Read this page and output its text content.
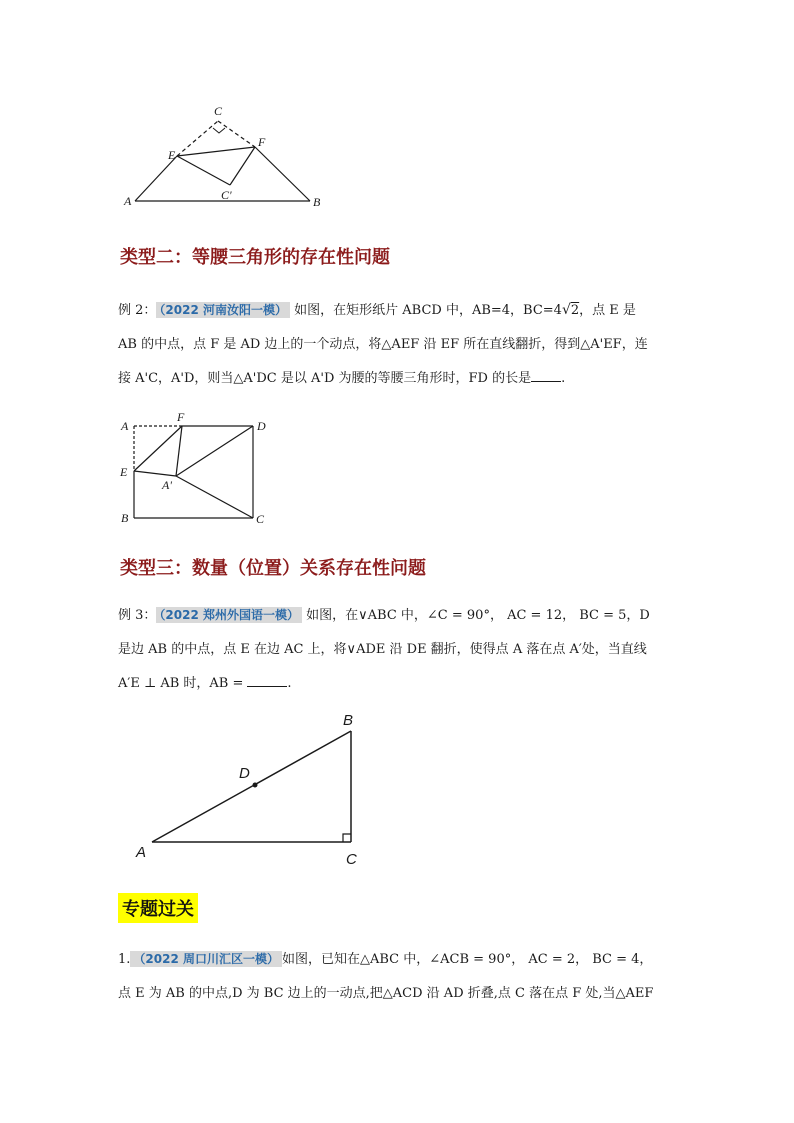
A	B
C
E
F
C'
类型二：等腰三角形的存在性问题
例 2： （2022 河南汝阳一模） 如图，在矩形纸片 ABCD 中，AB=4，BC=4√2，点 E 是
AB 的中点，点 F 是 AD 边上的一个动点，将△AEF 沿 EF 所在直线翻折，得到△A'EF，连
接 A'C，A'D，则当△A'DC 是以 A'D 为腰的等腰三角形时，FD 的长是 .
A
F
D
E
A'
B	C
类型三：数量（位置）关系存在性问题
例 3： （2022 郑州外国语一模） 如图，在∨ABC 中，∠C = 90°， AC = 12， BC = 5，D
是边 AB 的中点，点 E 在边 AC 上，将∨ADE 沿 DE 翻折，使得点 A 落在点 A′处，当直线
A′E ⊥ AB 时，AB =	.
A
B
C
D
专题过关
1. （2022 周口川汇区一模） 如图，已知在△ABC 中，∠ACB = 90°， AC = 2， BC = 4，
点 E 为 AB 的中点,D 为 BC 边上的一动点,把△ACD 沿 AD 折叠,点 C 落在点 F 处,当△AEF
